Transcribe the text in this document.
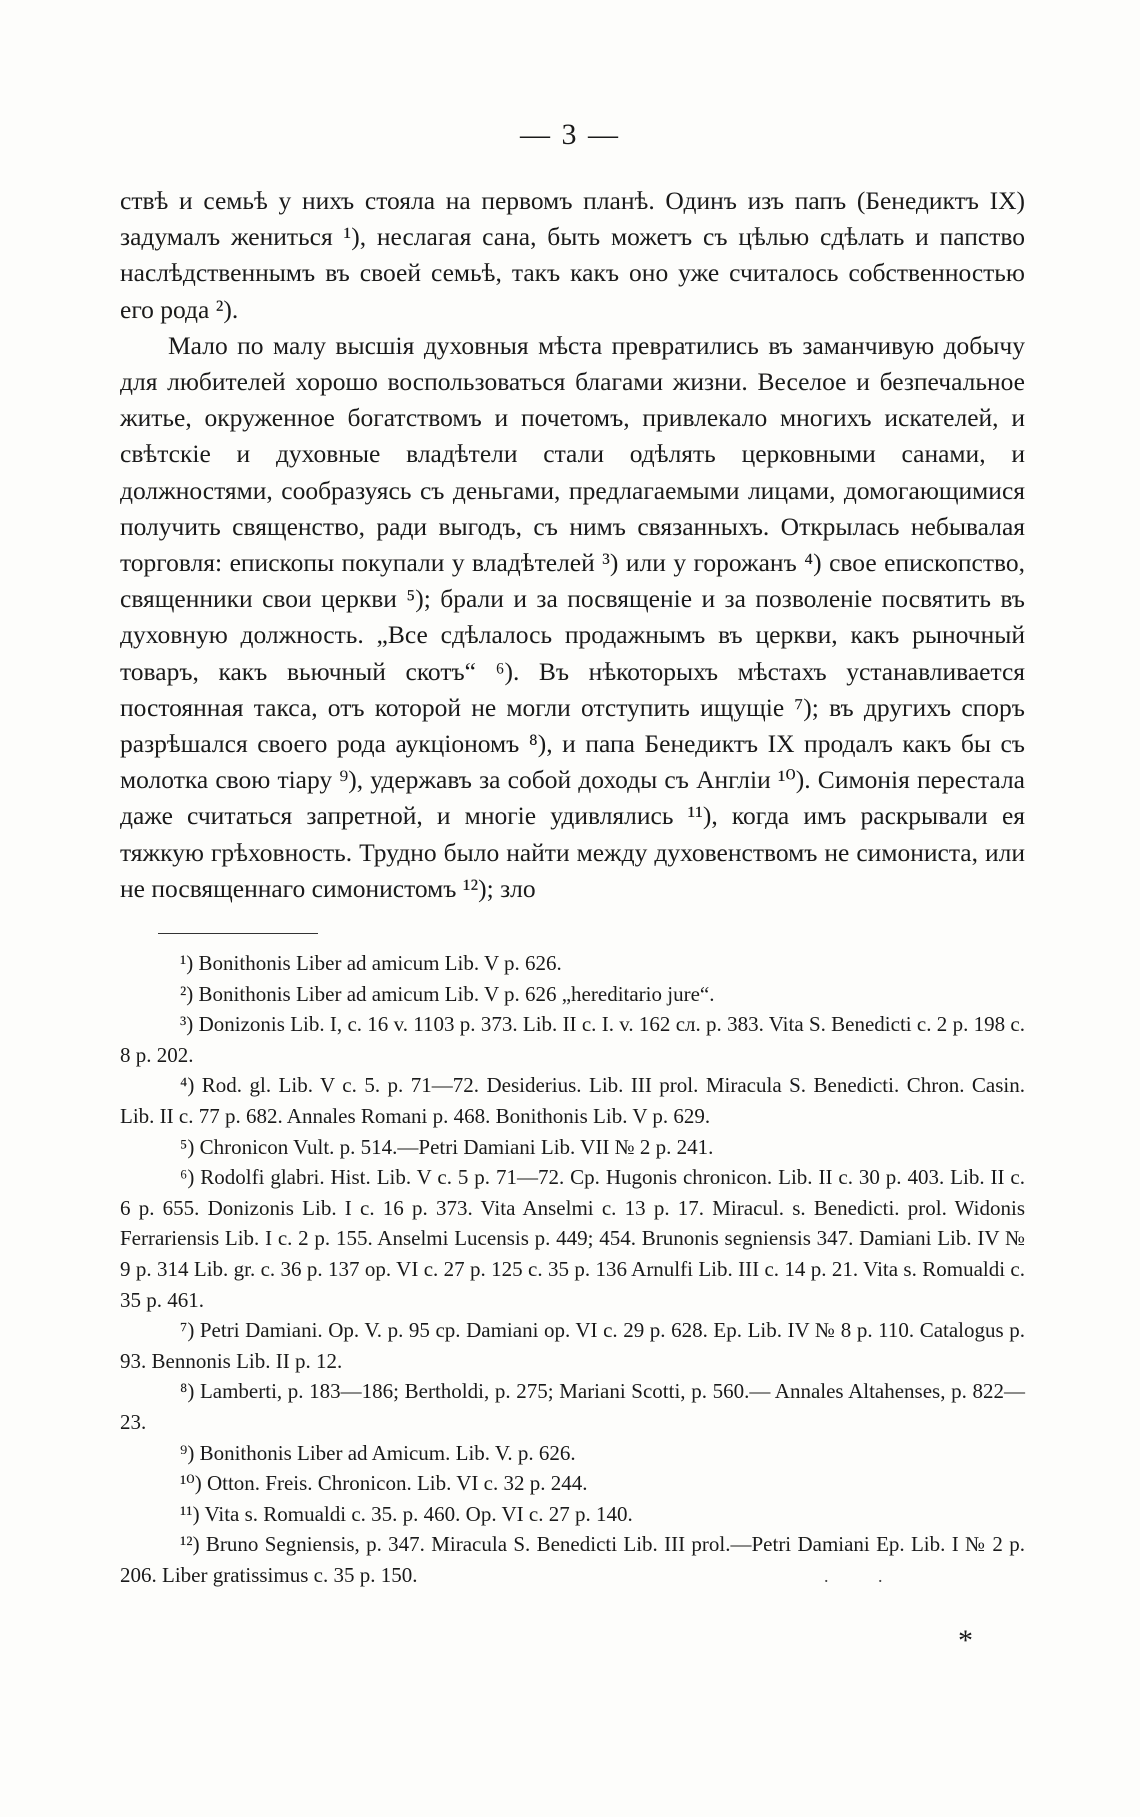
— 3 —

ствѣ и семьѣ у нихъ стояла на первомъ планѣ. Одинъ изъ папъ (Бенедиктъ IX) задумалъ жениться ¹), неслагая сана, быть можетъ съ цѣлью сдѣлать и папство наслѣдственнымъ въ своей семьѣ, такъ какъ оно уже считалось собственностью его рода ²).

Мало по малу высшія духовныя мѣста превратились въ заманчивую добычу для любителей хорошо воспользоваться благами жизни. Веселое и безпечальное житье, окруженное богатствомъ и почетомъ, привлекало многихъ искателей, и свѣтскіе и духовные владѣтели стали одѣлять церковными санами, и должностями, сообразуясь съ деньгами, предлагаемыми лицами, домогающимися получить священство, ради выгодъ, съ нимъ связанныхъ. Открылась небывалая торговля: епископы покупали у владѣтелей ³) или у горожанъ ⁴) свое епископство, священники свои церкви ⁵); брали и за посвященіе и за позволеніе посвятить въ духовную должность. „Все сдѣлалось продажнымъ въ церкви, какъ рыночный товаръ, какъ вьючный скотъ“ ⁶). Въ нѣкоторыхъ мѣстахъ устанавливается постоянная такса, отъ которой не могли отступить ищущіе ⁷); въ другихъ споръ разрѣшался своего рода аукціономъ ⁸), и папа Бенедиктъ IX продалъ какъ бы съ молотка свою тіару ⁹), удержавъ за собой доходы съ Англіи ¹⁰). Симонія перестала даже считаться запретной, и многіе удивлялись ¹¹), когда имъ раскрывали ея тяжкую грѣховность. Трудно было найти между духовенствомъ не симониста, или не посвященнаго симонистомъ ¹²); зло

¹) Bonithonis Liber ad amicum Lib. V p. 626.

²) Bonithonis Liber ad amicum Lib. V p. 626 „hereditario jure“.

³) Donizonis Lib. I, c. 16 v. 1103 p. 373. Lib. II c. I. v. 162 сл. p. 383. Vita S. Benedicti c. 2 p. 198 c. 8 p. 202.

⁴) Rod. gl. Lib. V c. 5. p. 71—72. Desiderius. Lib. III prol. Miracula S. Benedicti. Chron. Casin. Lib. II c. 77 p. 682. Annales Romani p. 468. Bonithonis Lib. V p. 629.

⁵) Chronicon Vult. p. 514.—Petri Damiani Lib. VII № 2 p. 241.

⁶) Rodolfi glabri. Hist. Lib. V c. 5 p. 71—72. Cp. Hugonis chronicon. Lib. II c. 30 p. 403. Lib. II c. 6 p. 655. Donizonis Lib. I c. 16 p. 373. Vita Anselmi c. 13 p. 17. Miracul. s. Benedicti. prol. Widonis Ferrariensis Lib. I c. 2 p. 155. Anselmi Lucensis p. 449; 454. Brunonis segniensis 347. Damiani Lib. IV № 9 p. 314 Lib. gr. c. 36 p. 137 op. VI c. 27 p. 125 c. 35 p. 136 Arnulfi Lib. III c. 14 p. 21. Vita s. Romualdi c. 35 p. 461.

⁷) Petri Damiani. Op. V. p. 95 cp. Damiani op. VI c. 29 p. 628. Ep. Lib. IV № 8 p. 110. Catalogus p. 93. Bennonis Lib. II p. 12.

⁸) Lamberti, p. 183—186; Bertholdi, p. 275; Mariani Scotti, p. 560.— Annales Altahenses, p. 822—23.

⁹) Bonithonis Liber ad Amicum. Lib. V. p. 626.

¹⁰) Otton. Freis. Chronicon. Lib. VI c. 32 p. 244.

¹¹) Vita s. Romualdi c. 35. p. 460. Op. VI c. 27 p. 140.

¹²) Bruno Segniensis, p. 347. Miracula S. Benedicti Lib. III prol.—Petri Damiani Ep. Lib. I № 2 p. 206. Liber gratissimus c. 35 p. 150.	.           .
*
